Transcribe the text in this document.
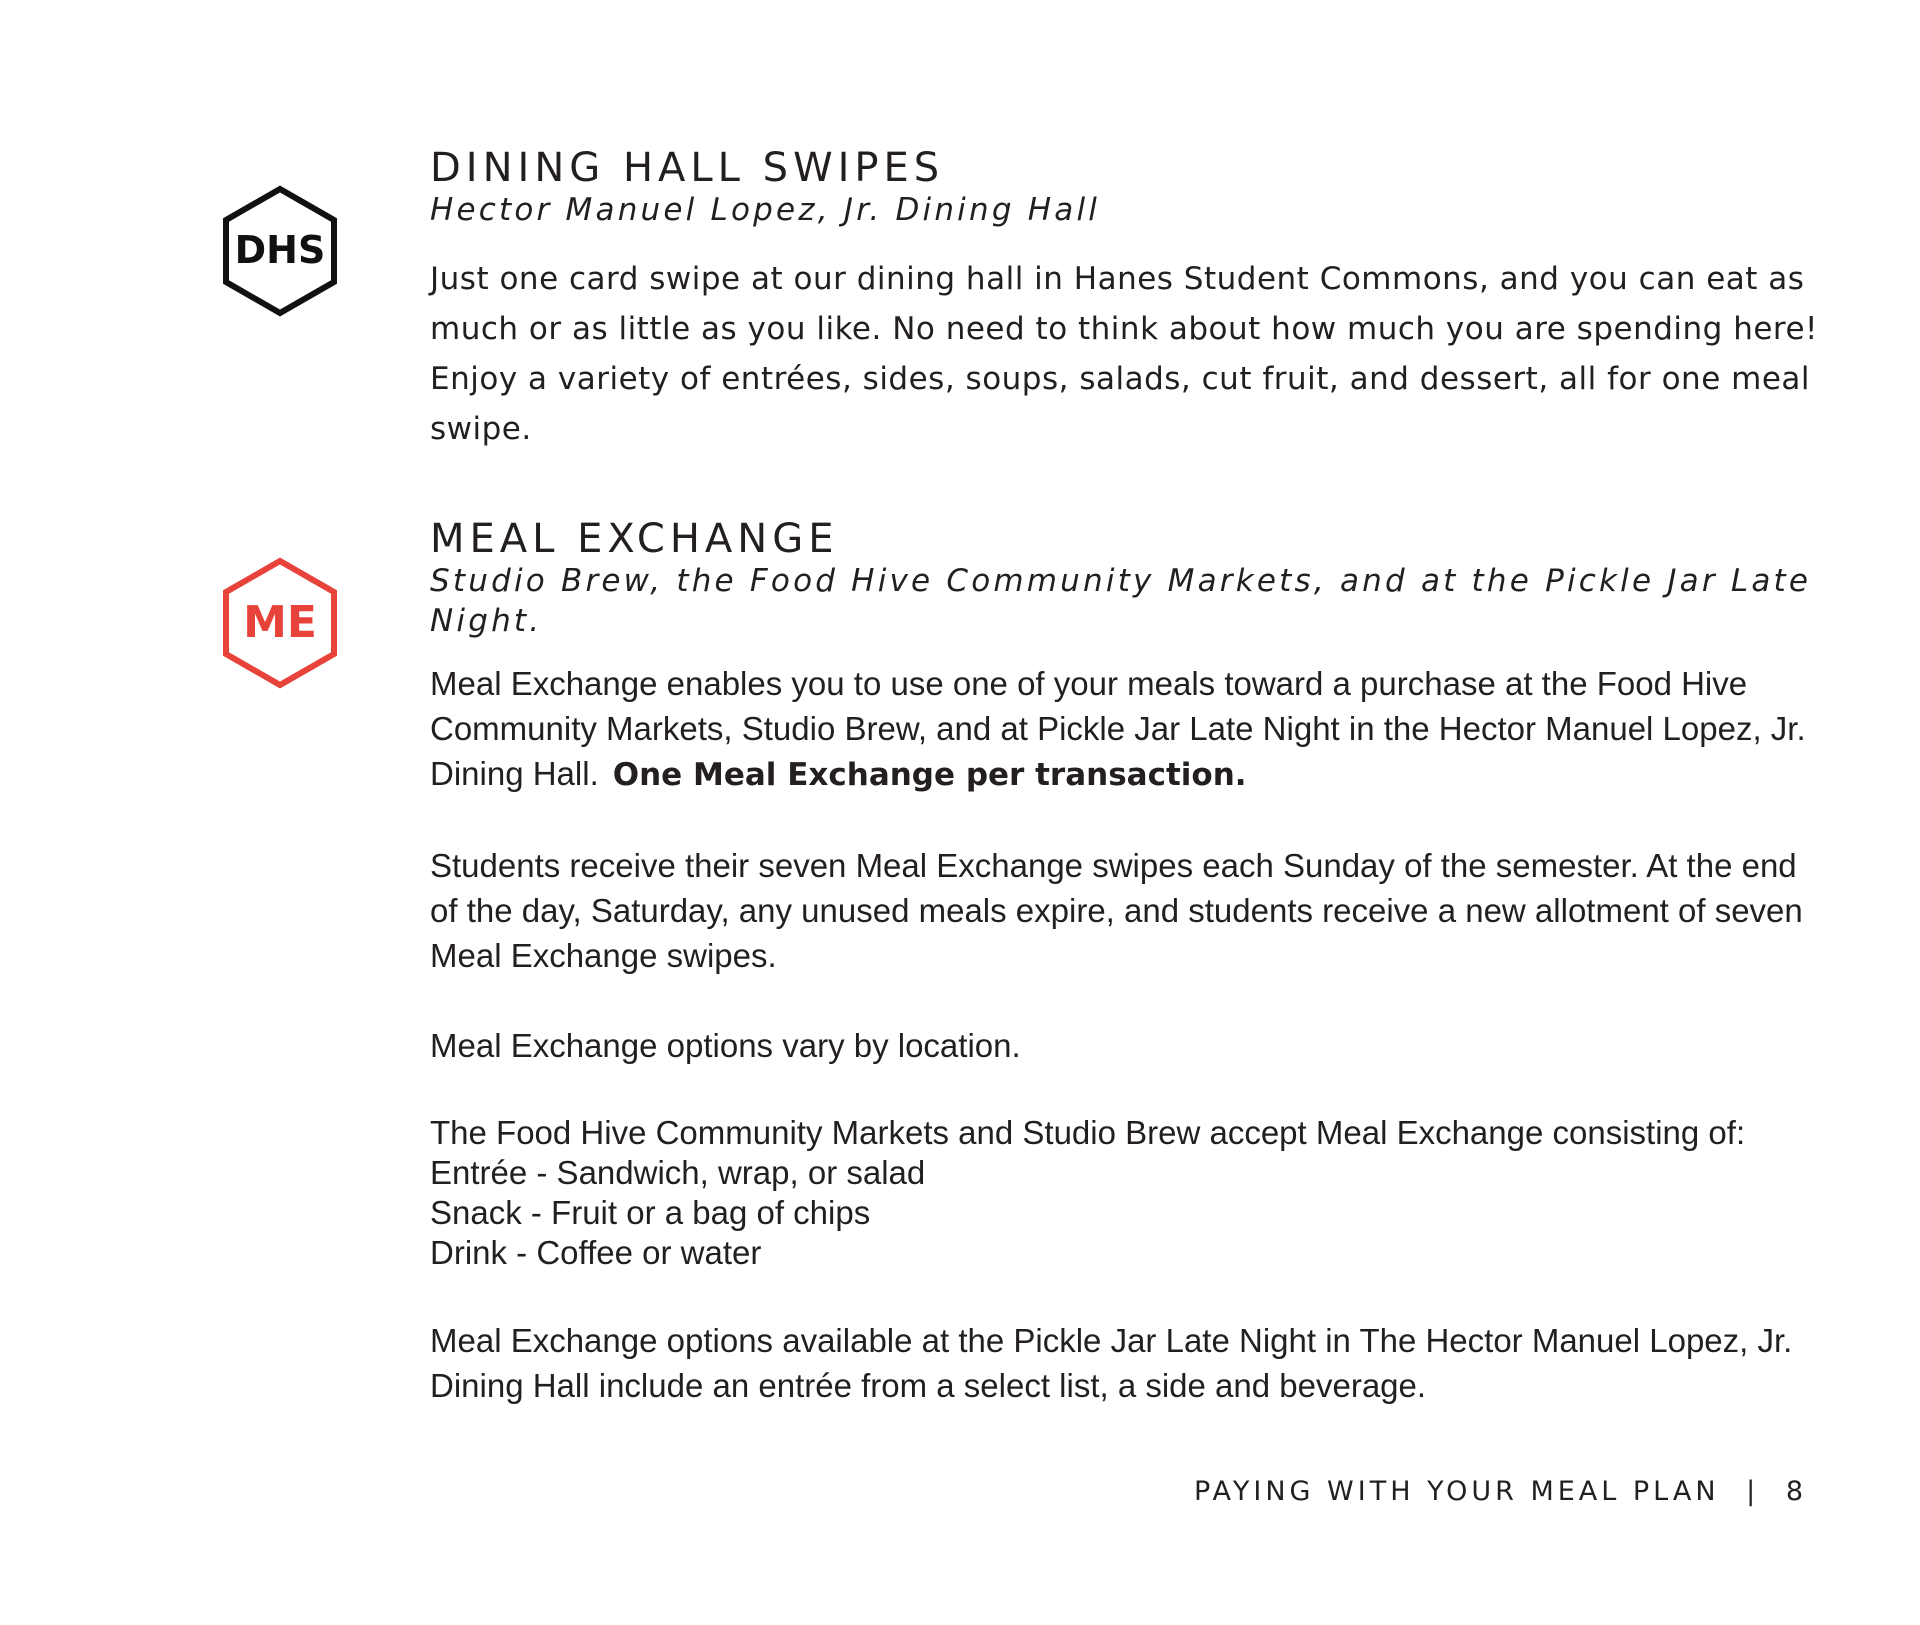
DHS
ME
DINING HALL SWIPES

Hector Manuel Lopez, Jr. Dining Hall

Just one card swipe at our dining hall in Hanes Student Commons, and you can eat as much or as little as you like. No need to think about how much you are spending here! Enjoy a variety of entrées, sides, soups, salads, cut fruit, and dessert, all for one meal swipe.

MEAL EXCHANGE

Studio Brew, the Food Hive Community Markets, and at the Pickle Jar Late Night.

Meal Exchange enables you to use one of your meals toward a purchase at the Food Hive Community Markets, Studio Brew, and at Pickle Jar Late Night in the Hector Manuel Lopez, Jr. Dining Hall. One Meal Exchange per transaction.

Students receive their seven Meal Exchange swipes each Sunday of the semester. At the end of the day, Saturday, any unused meals expire, and students receive a new allotment of seven Meal Exchange swipes.

Meal Exchange options vary by location.

The Food Hive Community Markets and Studio Brew accept Meal Exchange consisting of:
Entrée - Sandwich, wrap, or salad
Snack - Fruit or a bag of chips
Drink - Coffee or water

Meal Exchange options available at the Pickle Jar Late Night in The Hector Manuel Lopez, Jr. Dining Hall include an entrée from a select list, a side and beverage.

PAYING WITH YOUR MEAL PLAN | 8
